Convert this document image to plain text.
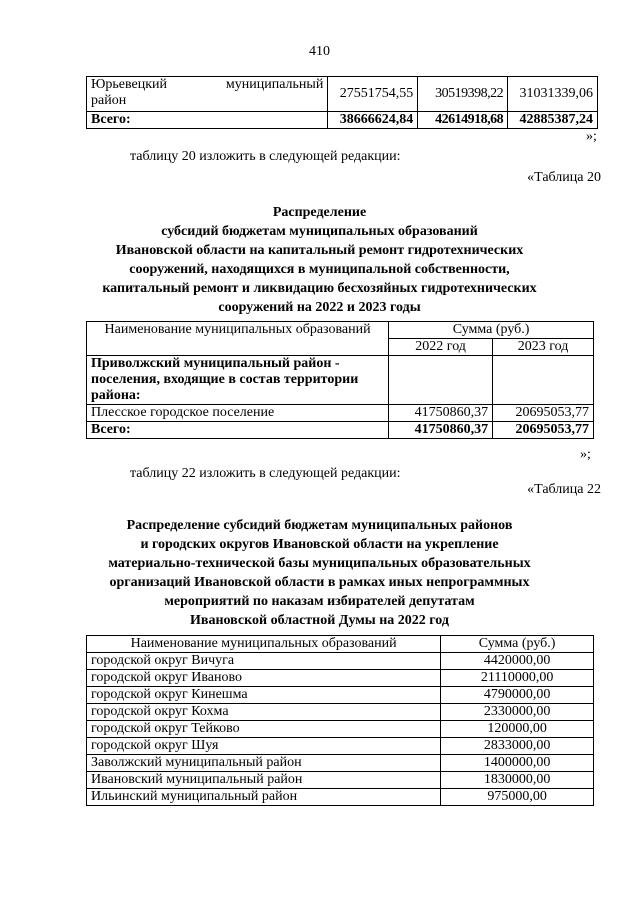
410
Юрьевецкий муниципальный
район	27551754,55	30519398,22	31031339,06
Всего:	38666624,84	42614918,68	42885387,24
»;
таблицу 20 изложить в следующей редакции:
«Таблица 20
Распределение
субсидий бюджетам муниципальных образований
Ивановской области на капитальный ремонт гидротехнических
сооружений, находящихся в муниципальной собственности,
капитальный ремонт и ликвидацию бесхозяйных гидротехнических
сооружений на 2022 и 2023 годы
Наименование муниципальных образований	Сумма (руб.)	
	2022 год	2023 год

Приволжский муниципальный район -
поселения, входящие в состав территории
района:		

Плесское городское поселение	41750860,37	20695053,77
Всего:	41750860,37	20695053,77
»;
таблицу 22 изложить в следующей редакции:
«Таблица 22
Распределение субсидий бюджетам муниципальных районов
и городских округов Ивановской области на укрепление
материально-технической базы муниципальных образовательных
организаций Ивановской области в рамках иных непрограммных
мероприятий по наказам избирателей депутатам
Ивановской областной Думы на 2022 год
Наименование муниципальных образований	Сумма (руб.)
городской округ Вичуга	4420000,00
городской округ Иваново	21110000,00
городской округ Кинешма	4790000,00
городской округ Кохма	2330000,00
городской округ Тейково	120000,00
городской округ Шуя	2833000,00
Заволжский муниципальный район	1400000,00
Ивановский муниципальный район	1830000,00
Ильинский муниципальный район	975000,00
